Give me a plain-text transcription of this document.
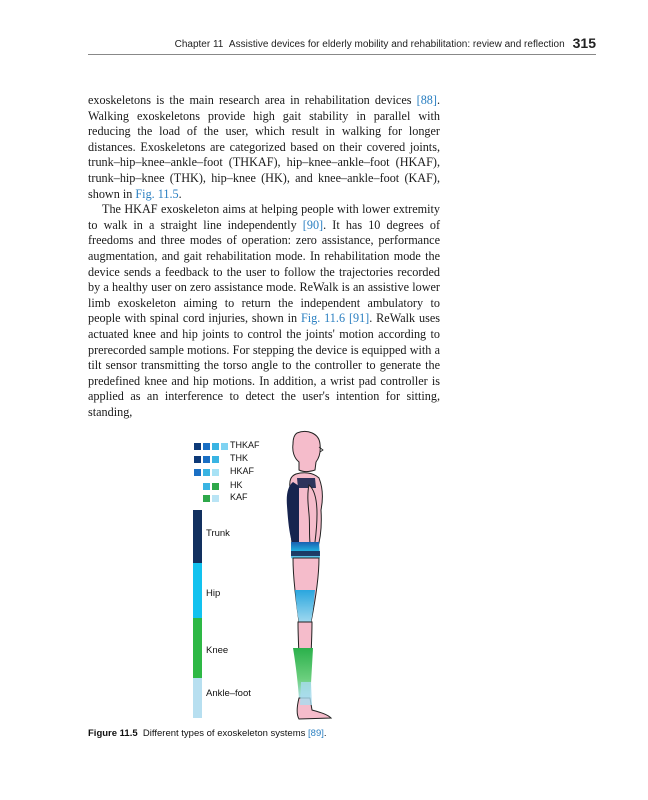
Chapter 11 Assistive devices for elderly mobility and rehabilitation: review and reflection 315

exoskeletons is the main research area in rehabilitation devices [88]. Walking exoskeletons provide high gait stability in parallel with reducing the load of the user, which result in walking for longer distances. Exoskeletons are categorized based on their covered joints, trunk–hip–knee–ankle–foot (THKAF), hip–knee–ankle–foot (HKAF), trunk–hip–knee (THK), hip–knee (HK), and knee–ankle–foot (KAF), shown in Fig. 11.5.

The HKAF exoskeleton aims at helping people with lower extremity to walk in a straight line independently [90]. It has 10 degrees of freedoms and three modes of operation: zero assistance, performance augmentation, and gait rehabilitation mode. In rehabilitation mode the device sends a feedback to the user to follow the trajectories recorded by a healthy user on zero assistance mode. ReWalk is an assistive lower limb exoskeleton aiming to return the independent ambulatory to people with spinal cord injuries, shown in Fig. 11.6 [91]. ReWalk uses actuated knee and hip joints to control the joints' motion according to prerecorded sample motions. For stepping the device is equipped with a tilt sensor transmitting the torso angle to the controller to generate the predefined knee and hip motions. In addition, a wrist pad controller is applied as an interference to detect the user's intention for sitting, standing,

THKAF
THK
HKAF
HK
KAF
Trunk
Hip
Knee
Ankle–foot
Figure 11.5 Different types of exoskeleton systems [89].
